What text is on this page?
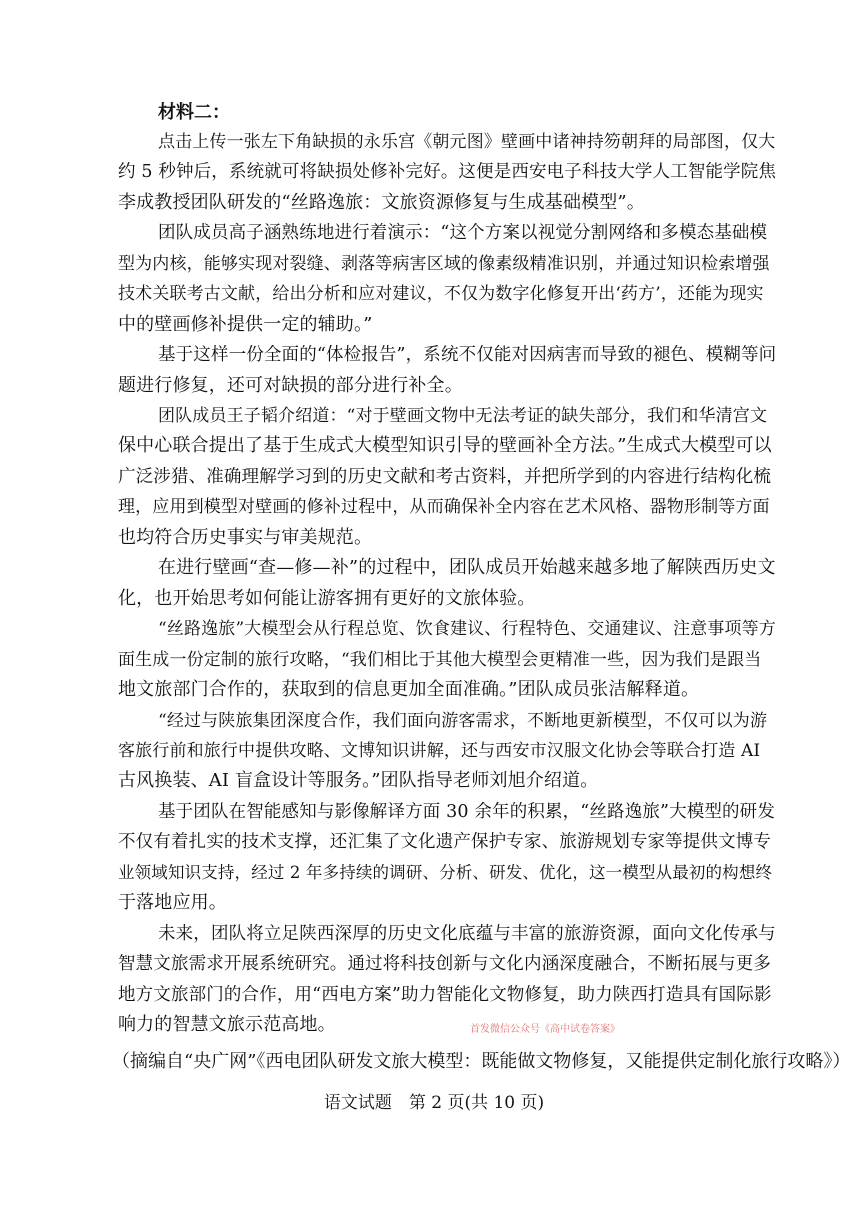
材料二：
点击上传一张左下角缺损的永乐宫《朝元图》壁画中诸神持笏朝拜的局部图，仅大
约 5 秒钟后，系统就可将缺损处修补完好。这便是西安电子科技大学人工智能学院焦
李成教授团队研发的“丝路逸旅：文旅资源修复与生成基础模型”。
团队成员高子涵熟练地进行着演示：“这个方案以视觉分割网络和多模态基础模
型为内核，能够实现对裂缝、剥落等病害区域的像素级精准识别，并通过知识检索增强
技术关联考古文献，给出分析和应对建议，不仅为数字化修复开出‘药方’，还能为现实
中的壁画修补提供一定的辅助。”
基于这样一份全面的“体检报告”，系统不仅能对因病害而导致的褪色、模糊等问
题进行修复，还可对缺损的部分进行补全。
团队成员王子韬介绍道：“对于壁画文物中无法考证的缺失部分，我们和华清宫文
保中心联合提出了基于生成式大模型知识引导的壁画补全方法。”生成式大模型可以
广泛涉猎、准确理解学习到的历史文献和考古资料，并把所学到的内容进行结构化梳
理，应用到模型对壁画的修补过程中，从而确保补全内容在艺术风格、器物形制等方面
也均符合历史事实与审美规范。
在进行壁画“查—修—补”的过程中，团队成员开始越来越多地了解陕西历史文
化，也开始思考如何能让游客拥有更好的文旅体验。
“丝路逸旅”大模型会从行程总览、饮食建议、行程特色、交通建议、注意事项等方
面生成一份定制的旅行攻略，“我们相比于其他大模型会更精准一些，因为我们是跟当
地文旅部门合作的，获取到的信息更加全面准确。”团队成员张洁解释道。
“经过与陕旅集团深度合作，我们面向游客需求，不断地更新模型，不仅可以为游
客旅行前和旅行中提供攻略、文博知识讲解，还与西安市汉服文化协会等联合打造 AI
古风换装、AI 盲盒设计等服务。”团队指导老师刘旭介绍道。
基于团队在智能感知与影像解译方面 30 余年的积累，“丝路逸旅”大模型的研发
不仅有着扎实的技术支撑，还汇集了文化遗产保护专家、旅游规划专家等提供文博专
业领域知识支持，经过 2 年多持续的调研、分析、研发、优化，这一模型从最初的构想终
于落地应用。
未来，团队将立足陕西深厚的历史文化底蕴与丰富的旅游资源，面向文化传承与
智慧文旅需求开展系统研究。通过将科技创新与文化内涵深度融合，不断拓展与更多
地方文旅部门的合作，用“西电方案”助力智能化文物修复，助力陕西打造具有国际影
响力的智慧文旅示范高地。	首发微信公众号《高中试卷答案》
（摘编自“央广网”《西电团队研发文旅大模型：既能做文物修复，又能提供定制化旅行攻略》）
语文试题　第 2 页(共 10 页)
